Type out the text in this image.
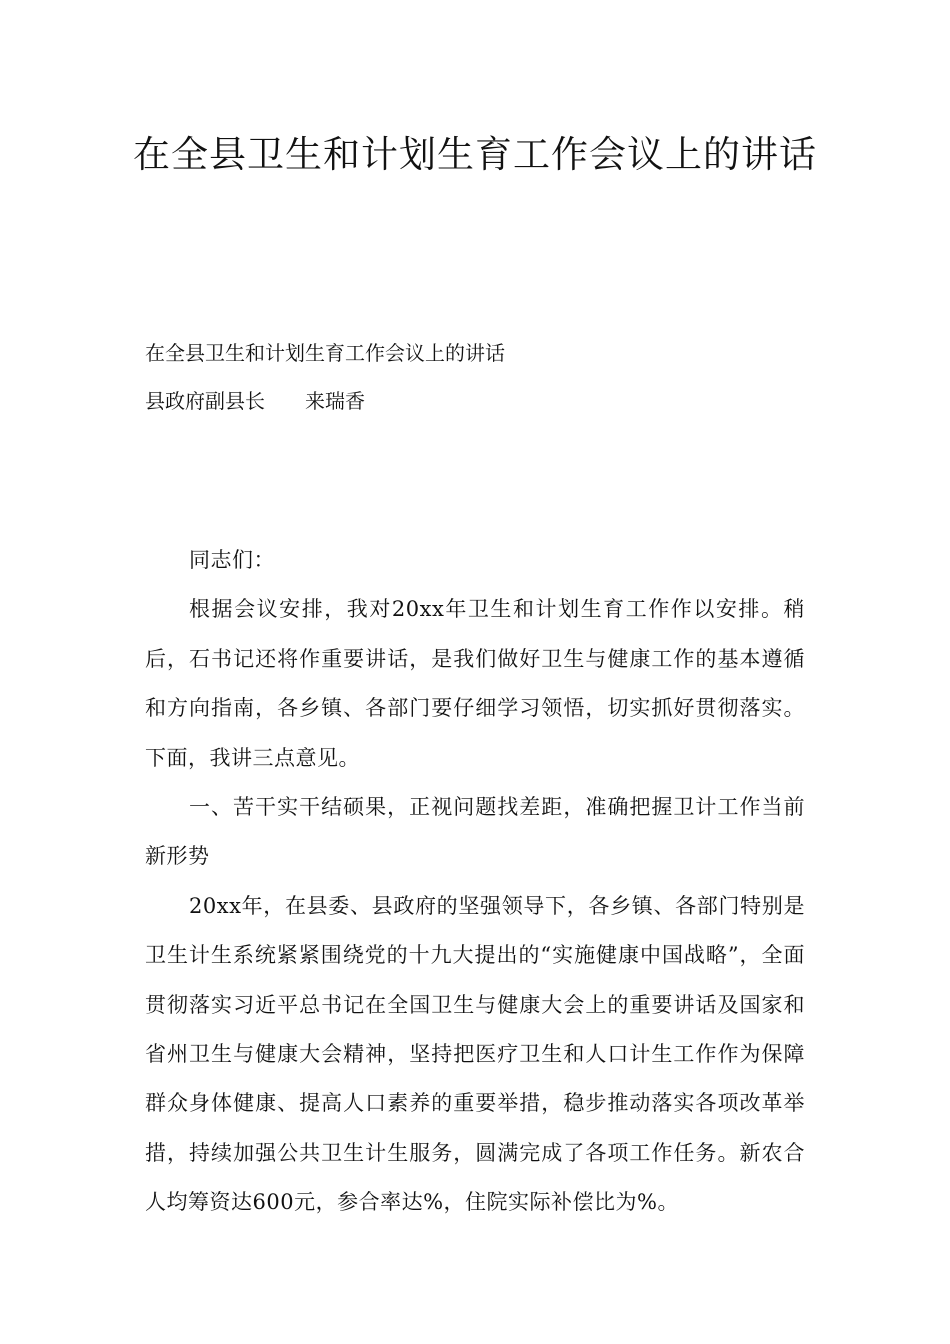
在全县卫生和计划生育工作会议上的讲话
在全县卫生和计划生育工作会议上的讲话
县政府副县长　　来瑞香

同志们：

根据会议安排，我对20xx年卫生和计划生育工作作以安排。稍后，石书记还将作重要讲话，是我们做好卫生与健康工作的基本遵循和方向指南，各乡镇、各部门要仔细学习领悟，切实抓好贯彻落实。下面，我讲三点意见。

一、苦干实干结硕果，正视问题找差距，准确把握卫计工作当前新形势

20xx年，在县委、县政府的坚强领导下，各乡镇、各部门特别是卫生计生系统紧紧围绕党的十九大提出的“实施健康中国战略”，全面贯彻落实习近平总书记在全国卫生与健康大会上的重要讲话及国家和省州卫生与健康大会精神，坚持把医疗卫生和人口计生工作作为保障群众身体健康、提高人口素养的重要举措，稳步推动落实各项改革举措，持续加强公共卫生计生服务，圆满完成了各项工作任务。新农合人均筹资达600元，参合率达%，住院实际补偿比为%。
